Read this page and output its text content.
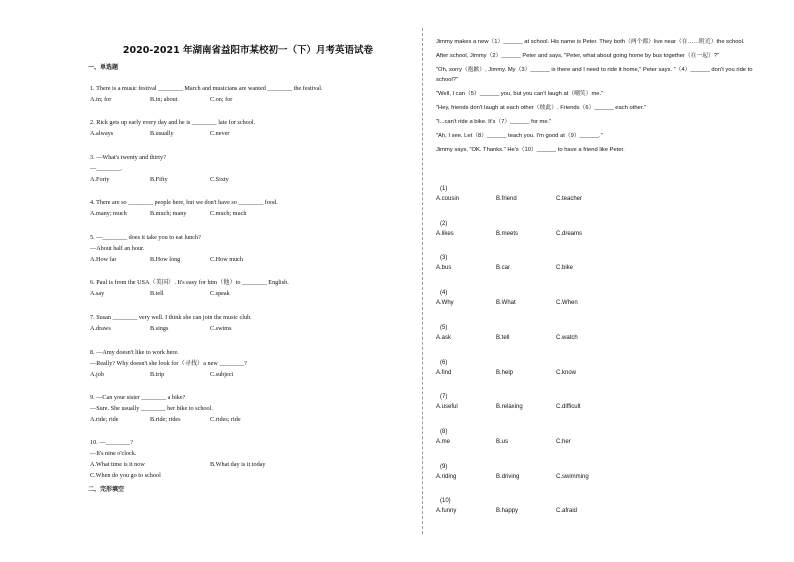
2020-2021 年湖南省益阳市某校初一（下）月考英语试卷
一、单选题
1. There is a music festival ________ March and musicians are wanted ________ the festival.
A.in; for	B.in; about	C.on; for
2. Rick gets up early every day and he is ________ late for school.
A.always	B.usually	C.never
3. —What's twenty and thirty?
—________.
A.Forty	B.Fifty	C.Sixty
4. There are so ________ people here, but we don't have so ________ food.
A.many; much	B.much; many	C.much; much
5. —________ does it take you to eat lunch?
—About half an hour.
A.How far	B.How long	C.How much
6. Paul is from the USA（美国）. It's easy for him（他）to ________ English.
A.say	B.tell	C.speak
7. Susan ________ very well. I think she can join the music club.
A.draws	B.sings	C.swims
8. —Amy doesn't like to work here.
—Really? Why doesn't she look for（寻找）a new ________?
A.job	B.trip	C.subject
9. —Can your sister ________ a bike?
—Sure. She usually ________ her bike to school.
A.ride; ride	B.ride; rides	C.rides; ride
10. —________?
—It's nine o'clock.
A.What time is it now	B.What day is it today
C.When do you go to school
二、完形填空
Jimmy makes a new（1）______ at school. His name is Peter. They both（两个都）live near（在……附近）the school.
After school, Jimmy（2）______ Peter and says, "Peter, what about going home by bus together（在一起）?"
"Oh, sorry（抱歉）, Jimmy. My（3）______ is there and I need to ride it home," Peter says. "（4）______ don't you ride to school?"
"Well, I can（5）______ you, but you can't laugh at（嘲笑）me."
"Hey, friends don't laugh at each other（彼此）. Friends（6）______ each other."
"I...can't ride a bike. It's（7）______ for me."
"Ah, I see. Let（8）______ teach you. I'm good at（9）______."
Jimmy says, "OK. Thanks." He's（10）______ to have a friend like Peter.
(1)
A.cousin	B.friend	C.teacher
(2)
A.likes	B.meets	C.dreams
(3)
A.bus	B.car	C.bike
(4)
A.Why	B.What	C.When
(5)
A.ask	B.tell	C.watch
(6)
A.find	B.help	C.know
(7)
A.useful	B.relaxing	C.difficult
(8)
A.me	B.us	C.her
(9)
A.riding	B.driving	C.swimming
(10)
A.funny	B.happy	C.afraid
